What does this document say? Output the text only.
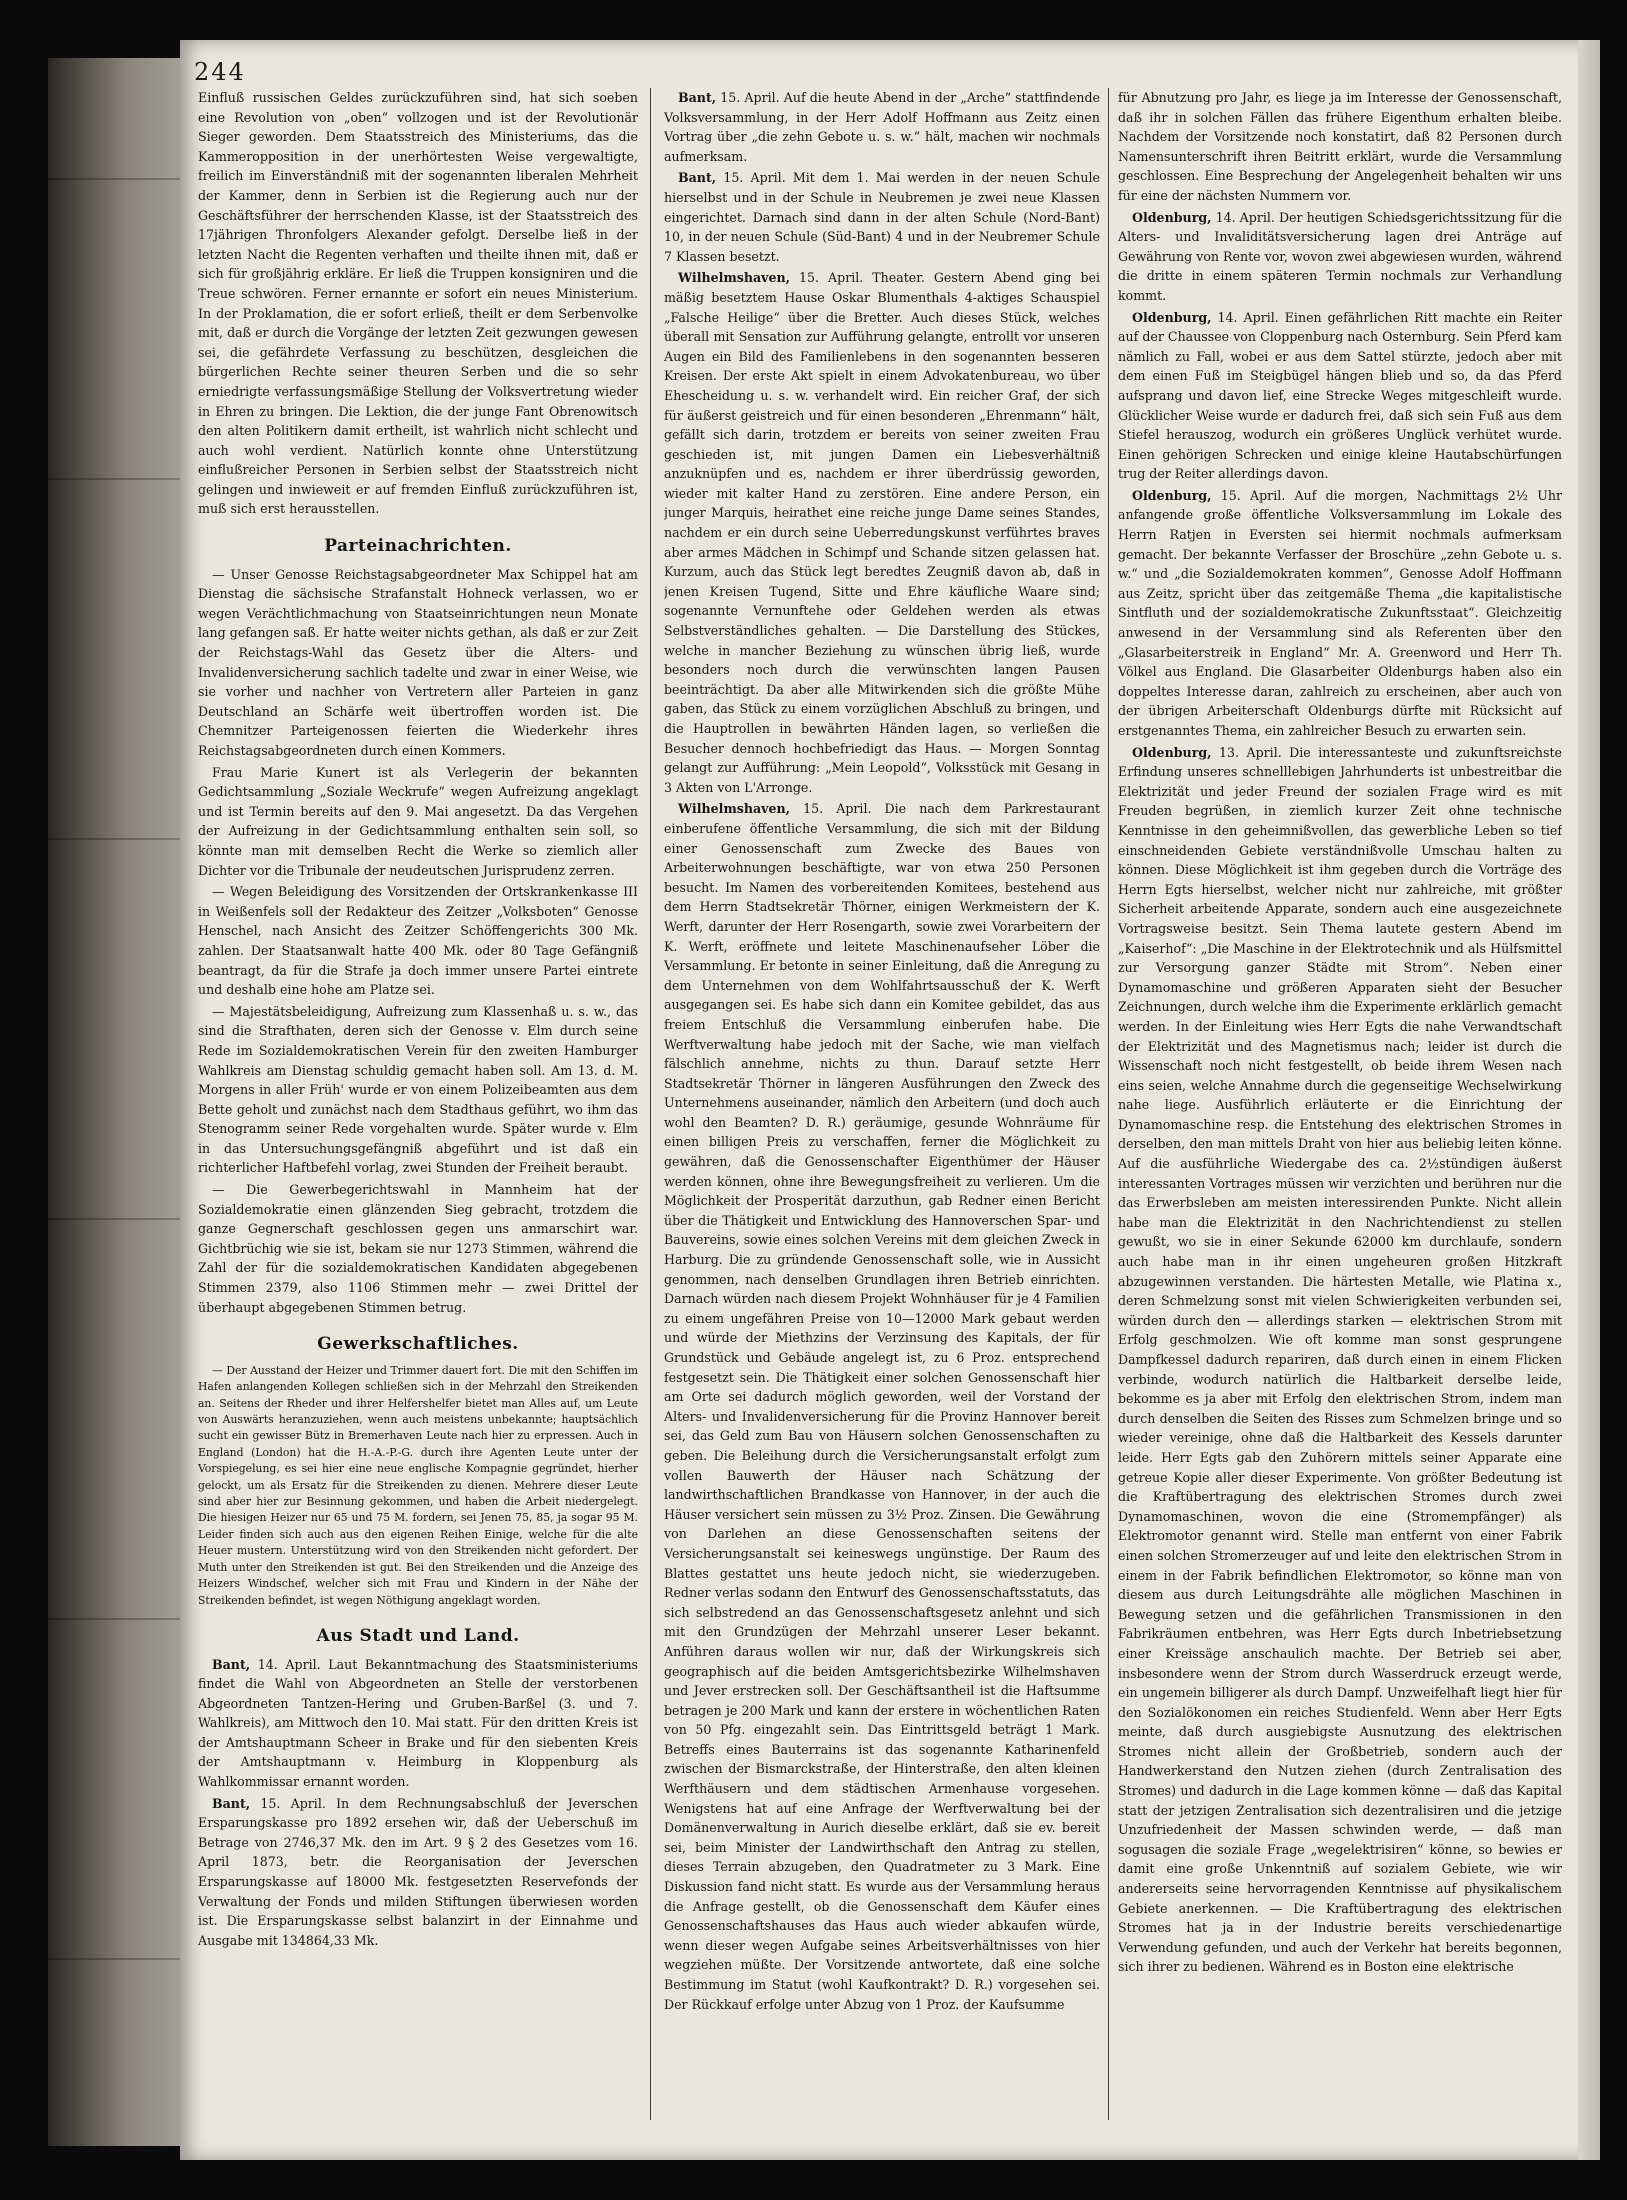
244

Einfluß russischen Geldes zurückzuführen sind, hat sich soeben eine Revolution von „oben“ vollzogen und ist der Revolutionär Sieger geworden. Dem Staatsstreich des Ministeriums, das die Kammeropposition in der unerhörtesten Weise vergewaltigte, freilich im Einverständniß mit der sogenannten liberalen Mehrheit der Kammer, denn in Serbien ist die Regierung auch nur der Geschäftsführer der herrschenden Klasse, ist der Staatsstreich des 17jährigen Thronfolgers Alexander gefolgt. Derselbe ließ in der letzten Nacht die Regenten verhaften und theilte ihnen mit, daß er sich für großjährig erkläre. Er ließ die Truppen konsigniren und die Treue schwören. Ferner ernannte er sofort ein neues Ministerium. In der Proklamation, die er sofort erließ, theilt er dem Serbenvolke mit, daß er durch die Vorgänge der letzten Zeit gezwungen gewesen sei, die gefährdete Verfassung zu beschützen, desgleichen die bürgerlichen Rechte seiner theuren Serben und die so sehr erniedrigte verfassungsmäßige Stellung der Volksvertretung wieder in Ehren zu bringen. Die Lektion, die der junge Fant Obrenowitsch den alten Politikern damit ertheilt, ist wahrlich nicht schlecht und auch wohl verdient. Natürlich konnte ohne Unterstützung einflußreicher Personen in Serbien selbst der Staatsstreich nicht gelingen und inwieweit er auf fremden Einfluß zurückzuführen ist, muß sich erst herausstellen.

Parteinachrichten.

— Unser Genosse Reichstagsabgeordneter Max Schippel hat am Dienstag die sächsische Strafanstalt Hohneck verlassen, wo er wegen Verächtlichmachung von Staatseinrichtungen neun Monate lang gefangen saß. Er hatte weiter nichts gethan, als daß er zur Zeit der Reichstags-Wahl das Gesetz über die Alters- und Invalidenversicherung sachlich tadelte und zwar in einer Weise, wie sie vorher und nachher von Vertretern aller Parteien in ganz Deutschland an Schärfe weit übertroffen worden ist. Die Chemnitzer Parteigenossen feierten die Wiederkehr ihres Reichstagsabgeordneten durch einen Kommers.

Frau Marie Kunert ist als Verlegerin der bekannten Gedichtsammlung „Soziale Weckrufe“ wegen Aufreizung angeklagt und ist Termin bereits auf den 9. Mai angesetzt. Da das Vergehen der Aufreizung in der Gedichtsammlung enthalten sein soll, so könnte man mit demselben Recht die Werke so ziemlich aller Dichter vor die Tribunale der neudeutschen Jurisprudenz zerren.

— Wegen Beleidigung des Vorsitzenden der Ortskrankenkasse III in Weißenfels soll der Redakteur des Zeitzer „Volksboten“ Genosse Henschel, nach Ansicht des Zeitzer Schöffengerichts 300 Mk. zahlen. Der Staatsanwalt hatte 400 Mk. oder 80 Tage Gefängniß beantragt, da für die Strafe ja doch immer unsere Partei eintrete und deshalb eine hohe am Platze sei.

— Majestätsbeleidigung, Aufreizung zum Klassenhaß u. s. w., das sind die Strafthaten, deren sich der Genosse v. Elm durch seine Rede im Sozialdemokratischen Verein für den zweiten Hamburger Wahlkreis am Dienstag schuldig gemacht haben soll. Am 13. d. M. Morgens in aller Früh' wurde er von einem Polizeibeamten aus dem Bette geholt und zunächst nach dem Stadthaus geführt, wo ihm das Stenogramm seiner Rede vorgehalten wurde. Später wurde v. Elm in das Untersuchungsgefängniß abgeführt und ist daß ein richterlicher Haftbefehl vorlag, zwei Stunden der Freiheit beraubt.

— Die Gewerbegerichtswahl in Mannheim hat der Sozialdemokratie einen glänzenden Sieg gebracht, trotzdem die ganze Gegnerschaft geschlossen gegen uns anmarschirt war. Gichtbrüchig wie sie ist, bekam sie nur 1273 Stimmen, während die Zahl der für die sozialdemokratischen Kandidaten abgegebenen Stimmen 2379, also 1106 Stimmen mehr — zwei Drittel der überhaupt abgegebenen Stimmen betrug.

Gewerkschaftliches.

— Der Ausstand der Heizer und Trimmer dauert fort. Die mit den Schiffen im Hafen anlangenden Kollegen schließen sich in der Mehrzahl den Streikenden an. Seitens der Rheder und ihrer Helfershelfer bietet man Alles auf, um Leute von Auswärts heranzuziehen, wenn auch meistens unbekannte; hauptsächlich sucht ein gewisser Bütz in Bremerhaven Leute nach hier zu erpressen. Auch in England (London) hat die H.-A.-P.-G. durch ihre Agenten Leute unter der Vorspiegelung, es sei hier eine neue englische Kompagnie gegründet, hierher gelockt, um als Ersatz für die Streikenden zu dienen. Mehrere dieser Leute sind aber hier zur Besinnung gekommen, und haben die Arbeit niedergelegt. Die hiesigen Heizer nur 65 und 75 M. fordern, sei Jenen 75, 85, ja sogar 95 M. Leider finden sich auch aus den eigenen Reihen Einige, welche für die alte Heuer mustern. Unterstützung wird von den Streikenden nicht gefordert. Der Muth unter den Streikenden ist gut. Bei den Streikenden und die Anzeige des Heizers Windschef, welcher sich mit Frau und Kindern in der Nähe der Streikenden befindet, ist wegen Nöthigung angeklagt worden.

Aus Stadt und Land.

Bant, 14. April. Laut Bekanntmachung des Staatsministeriums findet die Wahl von Abgeordneten an Stelle der verstorbenen Abgeordneten Tantzen-Hering und Gruben-Barßel (3. und 7. Wahlkreis), am Mittwoch den 10. Mai statt. Für den dritten Kreis ist der Amtshauptmann Scheer in Brake und für den siebenten Kreis der Amtshauptmann v. Heimburg in Kloppenburg als Wahlkommissar ernannt worden.

Bant, 15. April. In dem Rechnungsabschluß der Jeverschen Ersparungskasse pro 1892 ersehen wir, daß der Ueberschuß im Betrage von 2746,37 Mk. den im Art. 9 § 2 des Gesetzes vom 16. April 1873, betr. die Reorganisation der Jeverschen Ersparungskasse auf 18000 Mk. festgesetzten Reservefonds der Verwaltung der Fonds und milden Stiftungen überwiesen worden ist. Die Ersparungskasse selbst balanzirt in der Einnahme und Ausgabe mit 134864,33 Mk.

Bant, 15. April. Auf die heute Abend in der „Arche“ stattfindende Volksversammlung, in der Herr Adolf Hoffmann aus Zeitz einen Vortrag über „die zehn Gebote u. s. w.“ hält, machen wir nochmals aufmerksam.

Bant, 15. April. Mit dem 1. Mai werden in der neuen Schule hierselbst und in der Schule in Neubremen je zwei neue Klassen eingerichtet. Darnach sind dann in der alten Schule (Nord-Bant) 10, in der neuen Schule (Süd-Bant) 4 und in der Neubremer Schule 7 Klassen besetzt.

Wilhelmshaven, 15. April. Theater. Gestern Abend ging bei mäßig besetztem Hause Oskar Blumenthals 4-aktiges Schauspiel „Falsche Heilige“ über die Bretter. Auch dieses Stück, welches überall mit Sensation zur Aufführung gelangte, entrollt vor unseren Augen ein Bild des Familienlebens in den sogenannten besseren Kreisen. Der erste Akt spielt in einem Advokatenbureau, wo über Ehescheidung u. s. w. verhandelt wird. Ein reicher Graf, der sich für äußerst geistreich und für einen besonderen „Ehrenmann“ hält, gefällt sich darin, trotzdem er bereits von seiner zweiten Frau geschieden ist, mit jungen Damen ein Liebesverhältniß anzuknüpfen und es, nachdem er ihrer überdrüssig geworden, wieder mit kalter Hand zu zerstören. Eine andere Person, ein junger Marquis, heirathet eine reiche junge Dame seines Standes, nachdem er ein durch seine Ueberredungskunst verführtes braves aber armes Mädchen in Schimpf und Schande sitzen gelassen hat. Kurzum, auch das Stück legt beredtes Zeugniß davon ab, daß in jenen Kreisen Tugend, Sitte und Ehre käufliche Waare sind; sogenannte Vernunftehe oder Geldehen werden als etwas Selbstverständliches gehalten. — Die Darstellung des Stückes, welche in mancher Beziehung zu wünschen übrig ließ, wurde besonders noch durch die verwünschten langen Pausen beeinträchtigt. Da aber alle Mitwirkenden sich die größte Mühe gaben, das Stück zu einem vorzüglichen Abschluß zu bringen, und die Hauptrollen in bewährten Händen lagen, so verließen die Besucher dennoch hochbefriedigt das Haus. — Morgen Sonntag gelangt zur Aufführung: „Mein Leopold“, Volksstück mit Gesang in 3 Akten von L'Arronge.

Wilhelmshaven, 15. April. Die nach dem Parkrestaurant einberufene öffentliche Versammlung, die sich mit der Bildung einer Genossenschaft zum Zwecke des Baues von Arbeiterwohnungen beschäftigte, war von etwa 250 Personen besucht. Im Namen des vorbereitenden Komitees, bestehend aus dem Herrn Stadtsekretär Thörner, einigen Werkmeistern der K. Werft, darunter der Herr Rosengarth, sowie zwei Vorarbeitern der K. Werft, eröffnete und leitete Maschinenaufseher Löber die Versammlung. Er betonte in seiner Einleitung, daß die Anregung zu dem Unternehmen von dem Wohlfahrtsausschuß der K. Werft ausgegangen sei. Es habe sich dann ein Komitee gebildet, das aus freiem Entschluß die Versammlung einberufen habe. Die Werftverwaltung habe jedoch mit der Sache, wie man vielfach fälschlich annehme, nichts zu thun. Darauf setzte Herr Stadtsekretär Thörner in längeren Ausführungen den Zweck des Unternehmens auseinander, nämlich den Arbeitern (und doch auch wohl den Beamten? D. R.) geräumige, gesunde Wohnräume für einen billigen Preis zu verschaffen, ferner die Möglichkeit zu gewähren, daß die Genossenschafter Eigenthümer der Häuser werden können, ohne ihre Bewegungsfreiheit zu verlieren. Um die Möglichkeit der Prosperität darzuthun, gab Redner einen Bericht über die Thätigkeit und Entwicklung des Hannoverschen Spar- und Bauvereins, sowie eines solchen Vereins mit dem gleichen Zweck in Harburg. Die zu gründende Genossenschaft solle, wie in Aussicht genommen, nach denselben Grundlagen ihren Betrieb einrichten. Darnach würden nach diesem Projekt Wohnhäuser für je 4 Familien zu einem ungefähren Preise von 10—12000 Mark gebaut werden und würde der Miethzins der Verzinsung des Kapitals, der für Grundstück und Gebäude angelegt ist, zu 6 Proz. entsprechend festgesetzt sein. Die Thätigkeit einer solchen Genossenschaft hier am Orte sei dadurch möglich geworden, weil der Vorstand der Alters- und Invalidenversicherung für die Provinz Hannover bereit sei, das Geld zum Bau von Häusern solchen Genossenschaften zu geben. Die Beleihung durch die Versicherungsanstalt erfolgt zum vollen Bauwerth der Häuser nach Schätzung der landwirthschaftlichen Brandkasse von Hannover, in der auch die Häuser versichert sein müssen zu 3½ Proz. Zinsen. Die Gewährung von Darlehen an diese Genossenschaften seitens der Versicherungsanstalt sei keineswegs ungünstige. Der Raum des Blattes gestattet uns heute jedoch nicht, sie wiederzugeben. Redner verlas sodann den Entwurf des Genossenschaftsstatuts, das sich selbstredend an das Genossenschaftsgesetz anlehnt und sich mit den Grundzügen der Mehrzahl unserer Leser bekannt. Anführen daraus wollen wir nur, daß der Wirkungskreis sich geographisch auf die beiden Amtsgerichtsbezirke Wilhelmshaven und Jever erstrecken soll. Der Geschäftsantheil ist die Haftsumme betragen je 200 Mark und kann der erstere in wöchentlichen Raten von 50 Pfg. eingezahlt sein. Das Eintrittsgeld beträgt 1 Mark. Betreffs eines Bauterrains ist das sogenannte Katharinenfeld zwischen der Bismarckstraße, der Hinterstraße, den alten kleinen Werfthäusern und dem städtischen Armenhause vorgesehen. Wenigstens hat auf eine Anfrage der Werftverwaltung bei der Domänenverwaltung in Aurich dieselbe erklärt, daß sie ev. bereit sei, beim Minister der Landwirthschaft den Antrag zu stellen, dieses Terrain abzugeben, den Quadratmeter zu 3 Mark. Eine Diskussion fand nicht statt. Es wurde aus der Versammlung heraus die Anfrage gestellt, ob die Genossenschaft dem Käufer eines Genossenschaftshauses das Haus auch wieder abkaufen würde, wenn dieser wegen Aufgabe seines Arbeitsverhältnisses von hier wegziehen müßte. Der Vorsitzende antwortete, daß eine solche Bestimmung im Statut (wohl Kaufkontrakt? D. R.) vorgesehen sei. Der Rückkauf erfolge unter Abzug von 1 Proz. der Kaufsumme

für Abnutzung pro Jahr, es liege ja im Interesse der Genossenschaft, daß ihr in solchen Fällen das frühere Eigenthum erhalten bleibe. Nachdem der Vorsitzende noch konstatirt, daß 82 Personen durch Namensunterschrift ihren Beitritt erklärt, wurde die Versammlung geschlossen. Eine Besprechung der Angelegenheit behalten wir uns für eine der nächsten Nummern vor.

Oldenburg, 14. April. Der heutigen Schiedsgerichtssitzung für die Alters- und Invaliditätsversicherung lagen drei Anträge auf Gewährung von Rente vor, wovon zwei abgewiesen wurden, während die dritte in einem späteren Termin nochmals zur Verhandlung kommt.

Oldenburg, 14. April. Einen gefährlichen Ritt machte ein Reiter auf der Chaussee von Cloppenburg nach Osternburg. Sein Pferd kam nämlich zu Fall, wobei er aus dem Sattel stürzte, jedoch aber mit dem einen Fuß im Steigbügel hängen blieb und so, da das Pferd aufsprang und davon lief, eine Strecke Weges mitgeschleift wurde. Glücklicher Weise wurde er dadurch frei, daß sich sein Fuß aus dem Stiefel herauszog, wodurch ein größeres Unglück verhütet wurde. Einen gehörigen Schrecken und einige kleine Hautabschürfungen trug der Reiter allerdings davon.

Oldenburg, 15. April. Auf die morgen, Nachmittags 2½ Uhr anfangende große öffentliche Volksversammlung im Lokale des Herrn Ratjen in Eversten sei hiermit nochmals aufmerksam gemacht. Der bekannte Verfasser der Broschüre „zehn Gebote u. s. w.“ und „die Sozialdemokraten kommen“, Genosse Adolf Hoffmann aus Zeitz, spricht über das zeitgemäße Thema „die kapitalistische Sintfluth und der sozialdemokratische Zukunftsstaat“. Gleichzeitig anwesend in der Versammlung sind als Referenten über den „Glasarbeiterstreik in England“ Mr. A. Greenword und Herr Th. Völkel aus England. Die Glasarbeiter Oldenburgs haben also ein doppeltes Interesse daran, zahlreich zu erscheinen, aber auch von der übrigen Arbeiterschaft Oldenburgs dürfte mit Rücksicht auf erstgenanntes Thema, ein zahlreicher Besuch zu erwarten sein.

Oldenburg, 13. April. Die interessanteste und zukunftsreichste Erfindung unseres schnelllebigen Jahrhunderts ist unbestreitbar die Elektrizität und jeder Freund der sozialen Frage wird es mit Freuden begrüßen, in ziemlich kurzer Zeit ohne technische Kenntnisse in den geheimnißvollen, das gewerbliche Leben so tief einschneidenden Gebiete verständnißvolle Umschau halten zu können. Diese Möglichkeit ist ihm gegeben durch die Vorträge des Herrn Egts hierselbst, welcher nicht nur zahlreiche, mit größter Sicherheit arbeitende Apparate, sondern auch eine ausgezeichnete Vortragsweise besitzt. Sein Thema lautete gestern Abend im „Kaiserhof“: „Die Maschine in der Elektrotechnik und als Hülfsmittel zur Versorgung ganzer Städte mit Strom“. Neben einer Dynamomaschine und größeren Apparaten sieht der Besucher Zeichnungen, durch welche ihm die Experimente erklärlich gemacht werden. In der Einleitung wies Herr Egts die nahe Verwandtschaft der Elektrizität und des Magnetismus nach; leider ist durch die Wissenschaft noch nicht festgestellt, ob beide ihrem Wesen nach eins seien, welche Annahme durch die gegenseitige Wechselwirkung nahe liege. Ausführlich erläuterte er die Einrichtung der Dynamomaschine resp. die Entstehung des elektrischen Stromes in derselben, den man mittels Draht von hier aus beliebig leiten könne. Auf die ausführliche Wiedergabe des ca. 2½stündigen äußerst interessanten Vortrages müssen wir verzichten und berühren nur die das Erwerbsleben am meisten interessirenden Punkte. Nicht allein habe man die Elektrizität in den Nachrichtendienst zu stellen gewußt, wo sie in einer Sekunde 62000 km durchlaufe, sondern auch habe man in ihr einen ungeheuren großen Hitzkraft abzugewinnen verstanden. Die härtesten Metalle, wie Platina x., deren Schmelzung sonst mit vielen Schwierigkeiten verbunden sei, würden durch den — allerdings starken — elektrischen Strom mit Erfolg geschmolzen. Wie oft komme man sonst gesprungene Dampfkessel dadurch repariren, daß durch einen in einem Flicken verbinde, wodurch natürlich die Haltbarkeit derselbe leide, bekomme es ja aber mit Erfolg den elektrischen Strom, indem man durch denselben die Seiten des Risses zum Schmelzen bringe und so wieder vereinige, ohne daß die Haltbarkeit des Kessels darunter leide. Herr Egts gab den Zuhörern mittels seiner Apparate eine getreue Kopie aller dieser Experimente. Von größter Bedeutung ist die Kraftübertragung des elektrischen Stromes durch zwei Dynamomaschinen, wovon die eine (Stromempfänger) als Elektromotor genannt wird. Stelle man entfernt von einer Fabrik einen solchen Stromerzeuger auf und leite den elektrischen Strom in einem in der Fabrik befindlichen Elektromotor, so könne man von diesem aus durch Leitungsdrähte alle möglichen Maschinen in Bewegung setzen und die gefährlichen Transmissionen in den Fabrikräumen entbehren, was Herr Egts durch Inbetriebsetzung einer Kreissäge anschaulich machte. Der Betrieb sei aber, insbesondere wenn der Strom durch Wasserdruck erzeugt werde, ein ungemein billigerer als durch Dampf. Unzweifelhaft liegt hier für den Sozialökonomen ein reiches Studienfeld. Wenn aber Herr Egts meinte, daß durch ausgiebigste Ausnutzung des elektrischen Stromes nicht allein der Großbetrieb, sondern auch der Handwerkerstand den Nutzen ziehen (durch Zentralisation des Stromes) und dadurch in die Lage kommen könne — daß das Kapital statt der jetzigen Zentralisation sich dezentralisiren und die jetzige Unzufriedenheit der Massen schwinden werde, — daß man sogusagen die soziale Frage „wegelektrisiren“ könne, so bewies er damit eine große Unkenntniß auf sozialem Gebiete, wie wir andererseits seine hervorragenden Kenntnisse auf physikalischem Gebiete anerkennen. — Die Kraftübertragung des elektrischen Stromes hat ja in der Industrie bereits verschiedenartige Verwendung gefunden, und auch der Verkehr hat bereits begonnen, sich ihrer zu bedienen. Während es in Boston eine elektrische
